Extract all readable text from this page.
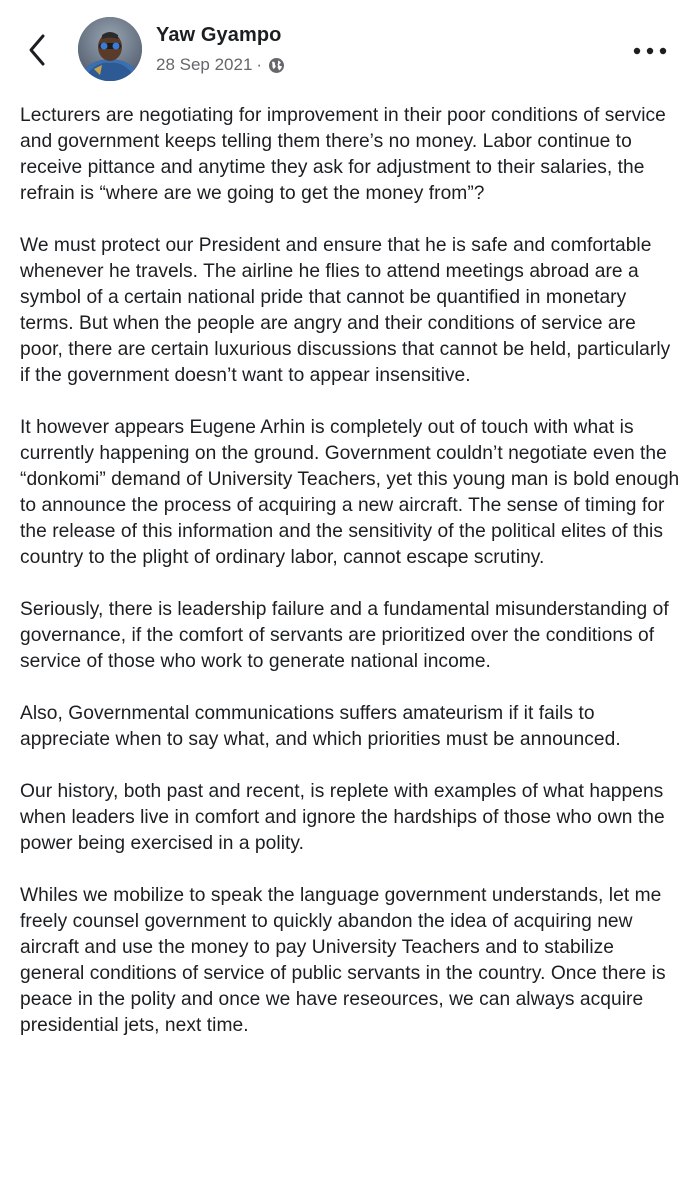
Yaw Gyampo
28 Sep 2021 ·

Lecturers are negotiating for improvement in their poor conditions of service and government keeps telling them there’s no money. Labor continue to receive pittance and anytime they ask for adjustment to their salaries, the refrain is “where are we going to get the money from”?

We must protect our President and ensure that he is safe and comfortable whenever he travels. The airline he flies to attend meetings abroad are a symbol of a certain national pride that cannot be quantified in monetary terms. But when the people are angry and their conditions of service are poor, there are certain luxurious discussions that cannot be held, particularly if the government doesn’t want to appear insensitive.

It however appears Eugene Arhin is completely out of touch with what is currently happening on the ground. Government couldn’t negotiate even the “donkomi” demand of University Teachers, yet this young man is bold enough to announce the process of acquiring a new aircraft. The sense of timing for the release of this information and the sensitivity of the political elites of this country to the plight of ordinary labor, cannot escape scrutiny.

Seriously, there is leadership failure and a fundamental misunderstanding of governance, if the comfort of servants are prioritized over the conditions of service of those who work to generate national income.

Also, Governmental communications suffers amateurism if it fails to appreciate when to say what, and which priorities must be announced.

Our history, both past and recent, is replete with examples of what happens when leaders live in comfort and ignore the hardships of those who own the power being exercised in a polity.

Whiles we mobilize to speak the language government understands, let me freely counsel government to quickly abandon the idea of acquiring new aircraft and use the money to pay University Teachers and to stabilize general conditions of service of public servants in the country. Once there is peace in the polity and once we have reseources, we can always acquire presidential jets, next time.
